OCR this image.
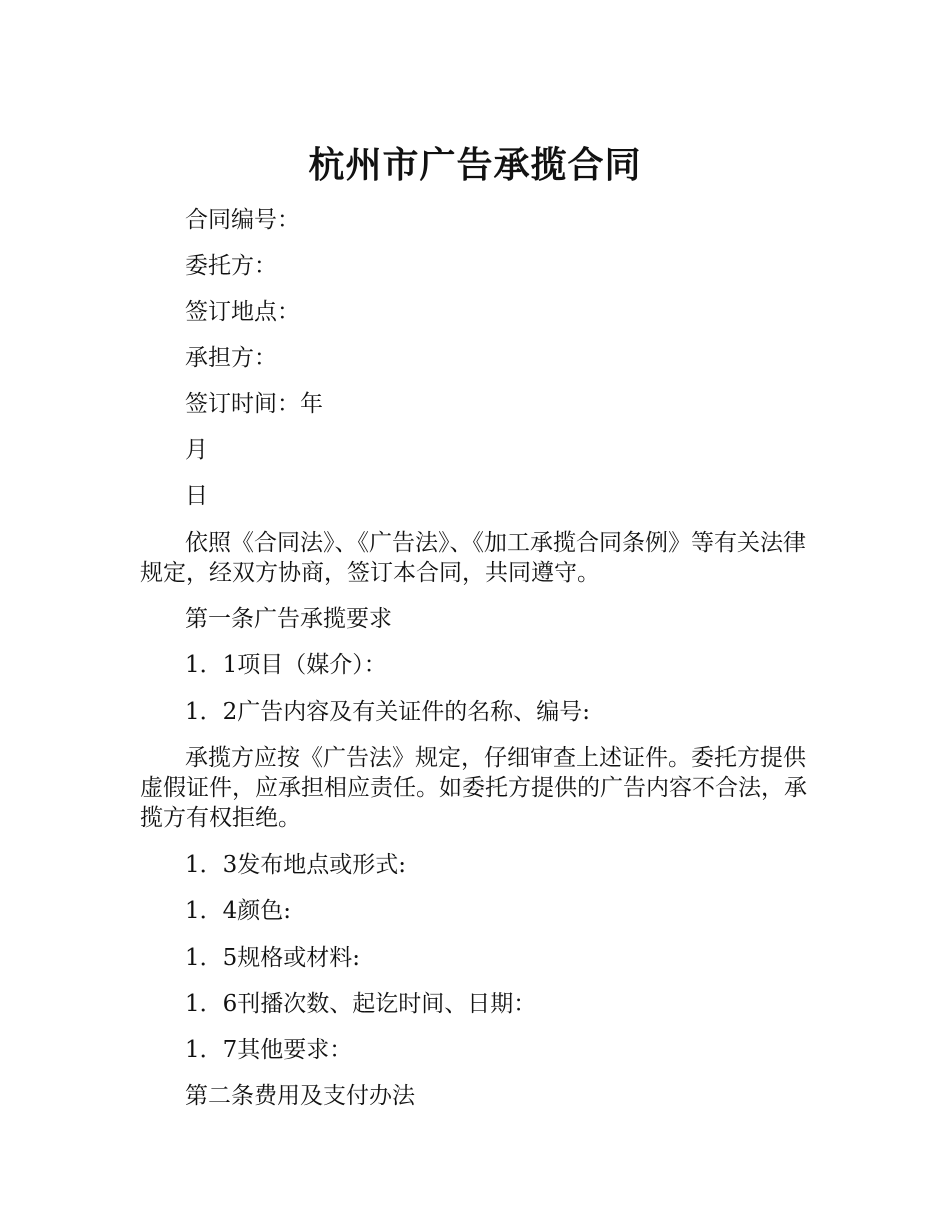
杭州市广告承揽合同

合同编号：

委托方：

签订地点：

承担方：

签订时间：年

月

日

依照《合同法》、《广告法》、《加工承揽合同条例》等有关法律规定，经双方协商，签订本合同，共同遵守。

第一条广告承揽要求

1．1项目（媒介）：

1．2广告内容及有关证件的名称、编号:

承揽方应按《广告法》规定，仔细审查上述证件。委托方提供虚假证件，应承担相应责任。如委托方提供的广告内容不合法，承揽方有权拒绝。

1．3发布地点或形式:

1．4颜色:

1．5规格或材料:

1．6刊播次数、起讫时间、日期：

1．7其他要求：

第二条费用及支付办法
